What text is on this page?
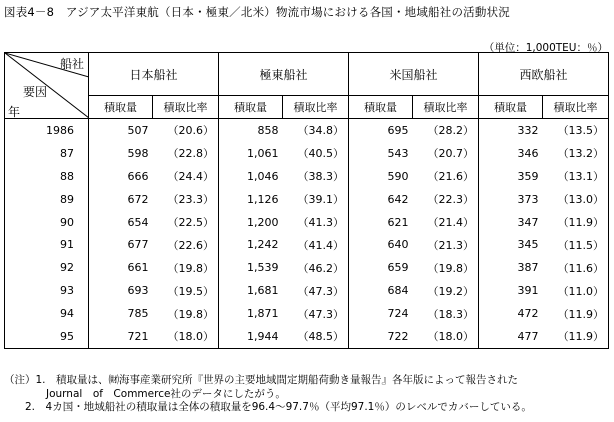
図表4－8　アジア太平洋東航（日本・極東／北米）物流市場における各国・地域船社の活動状況
（単位：1,000TEU：％）
船社
要因
年	日本船社		極東船社		米国船社		西欧船社	
	積取量	積取比率	積取量	積取比率	積取量	積取比率	積取量	積取比率
1986	507	（20.6）	858	（34.8）	695	（28.2）	332	（13.5）
87	598	（22.8）	1,061	（40.5）	543	（20.7）	346	（13.2）
88	666	（24.4）	1,046	（38.3）	590	（21.6）	359	（13.1）
89	672	（23.3）	1,126	（39.1）	642	（22.3）	373	（13.0）
90	654	（22.5）	1,200	（41.3）	621	（21.4）	347	（11.9）
91	677	（22.6）	1,242	（41.4）	640	（21.3）	345	（11.5）
92	661	（19.8）	1,539	（46.2）	659	（19.8）	387	（11.6）
93	693	（19.5）	1,681	（47.3）	684	（19.2）	391	（11.0）
94	785	（19.8）	1,871	（47.3）	724	（18.3）	472	（11.9）
95	721	（18.0）	1,944	（48.5）	722	（18.0）	477	（11.9）
（注）1.　積取量は、㈶海事産業研究所『世界の主要地域間定期船荷動き量報告』各年版によって報告された
　　　　Journal　of　Commerce社のデータにしたがう。
　　2.　4カ国・地域船社の積取量は全体の積取量を96.4～97.7％（平均97.1％）のレベルでカバーしている。
